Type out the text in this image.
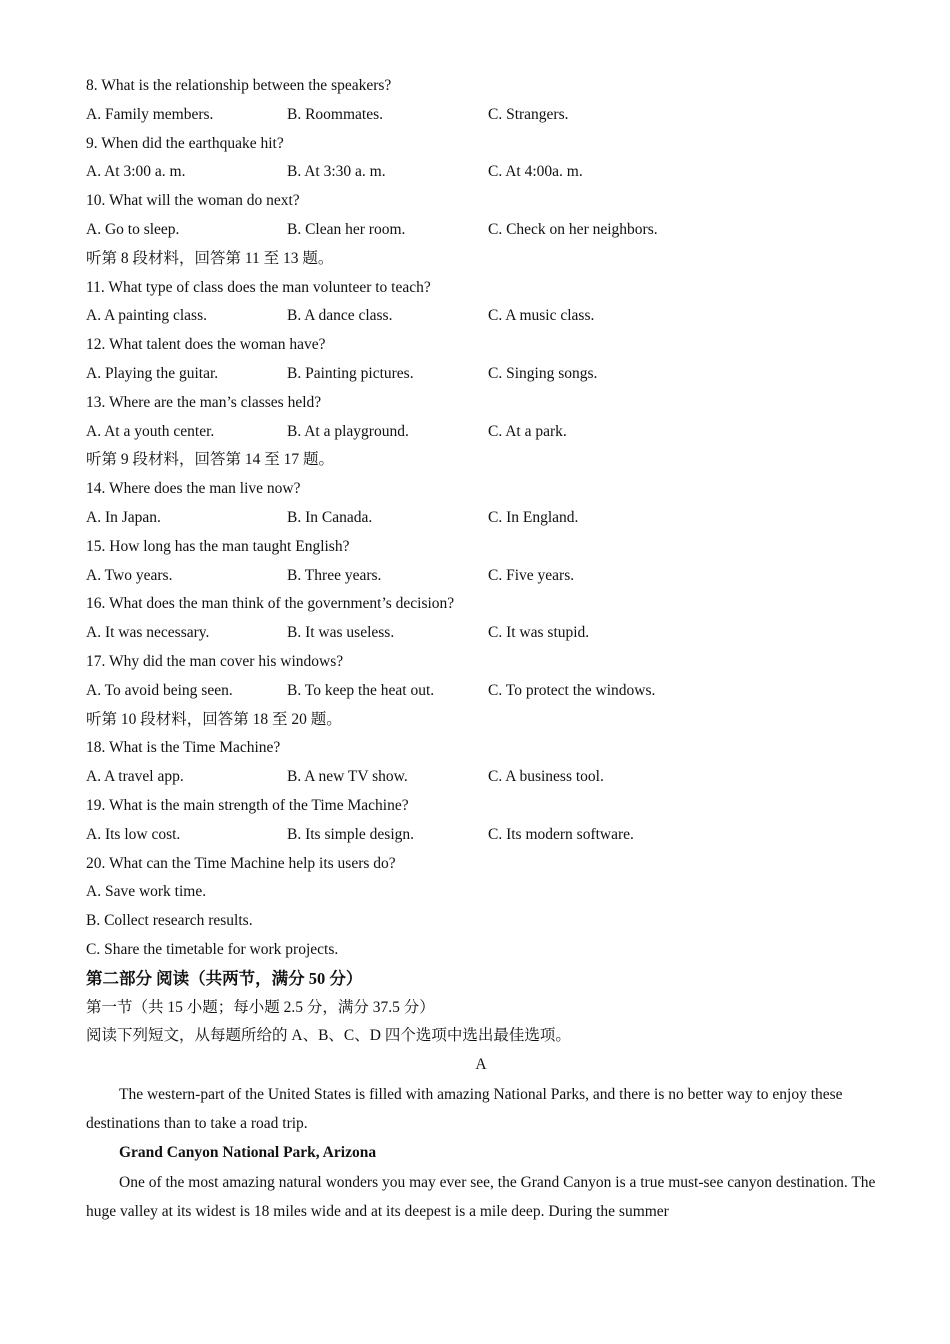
8. What is the relationship between the speakers?
A. Family members.	B. Roommates.	C. Strangers.
9. When did the earthquake hit?
A. At 3:00 a. m.	B. At 3:30 a. m.	C. At 4:00a. m.
10. What will the woman do next?
A. Go to sleep.	B. Clean her room.	C. Check on her neighbors.
听第 8 段材料，回答第 11 至 13 题。
11. What type of class does the man volunteer to teach?
A. A painting class.	B. A dance class.	C. A music class.
12. What talent does the woman have?
A. Playing the guitar.	B. Painting pictures.	C. Singing songs.
13. Where are the man’s classes held?
A. At a youth center.	B. At a playground.	C. At a park.
听第 9 段材料，回答第 14 至 17 题。
14. Where does the man live now?
A. In Japan.	B. In Canada.	C. In England.
15. How long has the man taught English?
A. Two years.	B. Three years.	C. Five years.
16. What does the man think of the government’s decision?
A. It was necessary.	B. It was useless.	C. It was stupid.
17. Why did the man cover his windows?
A. To avoid being seen.	B. To keep the heat out.	C. To protect the windows.
听第 10 段材料，回答第 18 至 20 题。
18. What is the Time Machine?
A. A travel app.	B. A new TV show.	C. A business tool.
19. What is the main strength of the Time Machine?
A. Its low cost.	B. Its simple design.	C. Its modern software.
20. What can the Time Machine help its users do?
A. Save work time.
B. Collect research results.
C. Share the timetable for work projects.
第二部分 阅读（共两节，满分 50 分）
第一节（共 15 小题；每小题 2.5 分，满分 37.5 分）
阅读下列短文，从每题所给的 A、B、C、D 四个选项中选出最佳选项。
A

The western-part of the United States is filled with amazing National Parks, and there is no better way to enjoy these destinations than to take a road trip.

Grand Canyon National Park, Arizona

One of the most amazing natural wonders you may ever see, the Grand Canyon is a true must-see canyon destination. The huge valley at its widest is 18 miles wide and at its deepest is a mile deep. During the summer
